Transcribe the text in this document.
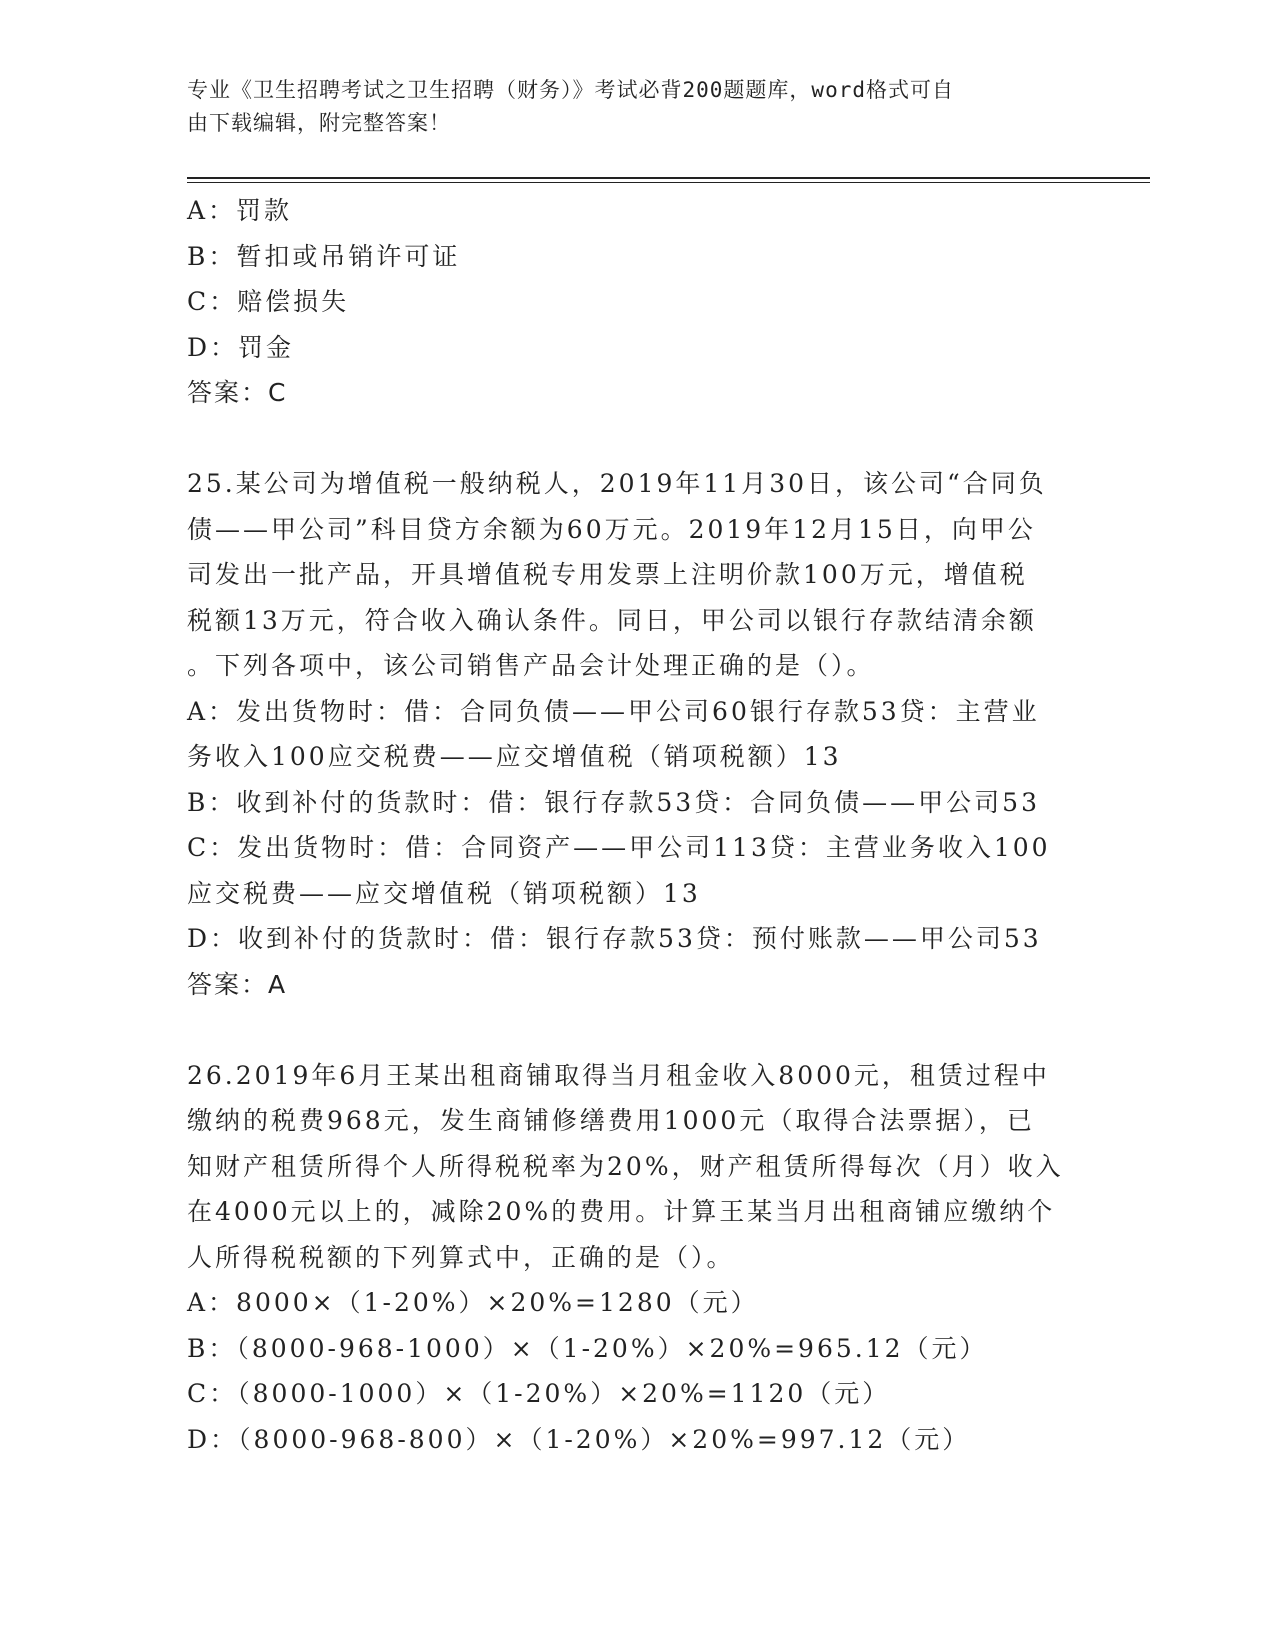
专业《卫生招聘考试之卫生招聘（财务）》考试必背200题题库，word格式可自
由下载编辑，附完整答案！
A：罚款
B：暂扣或吊销许可证
C：赔偿损失
D：罚金
答案：C
25.某公司为增值税一般纳税人，2019年11月30日，该公司“合同负
债——甲公司”科目贷方余额为60万元。2019年12月15日，向甲公
司发出一批产品，开具增值税专用发票上注明价款100万元，增值税
税额13万元，符合收入确认条件。同日，甲公司以银行存款结清余额
。下列各项中，该公司销售产品会计处理正确的是（）。
A：发出货物时：借：合同负债——甲公司60银行存款53贷：主营业
务收入100应交税费——应交增值税（销项税额）13
B：收到补付的货款时：借：银行存款53贷：合同负债——甲公司53
C：发出货物时：借：合同资产——甲公司113贷：主营业务收入100
应交税费——应交增值税（销项税额）13
D：收到补付的货款时：借：银行存款53贷：预付账款——甲公司53
答案：A
26.2019年6月王某出租商铺取得当月租金收入8000元，租赁过程中
缴纳的税费968元，发生商铺修缮费用1000元（取得合法票据），已
知财产租赁所得个人所得税税率为20%，财产租赁所得每次（月）收入
在4000元以上的，减除20%的费用。计算王某当月出租商铺应缴纳个
人所得税税额的下列算式中，正确的是（）。
A：8000×（1-20%）×20%=1280（元）
B：（8000-968-1000）×（1-20%）×20%=965.12（元）
C：（8000-1000）×（1-20%）×20%=1120（元）
D：（8000-968-800）×（1-20%）×20%=997.12（元）
